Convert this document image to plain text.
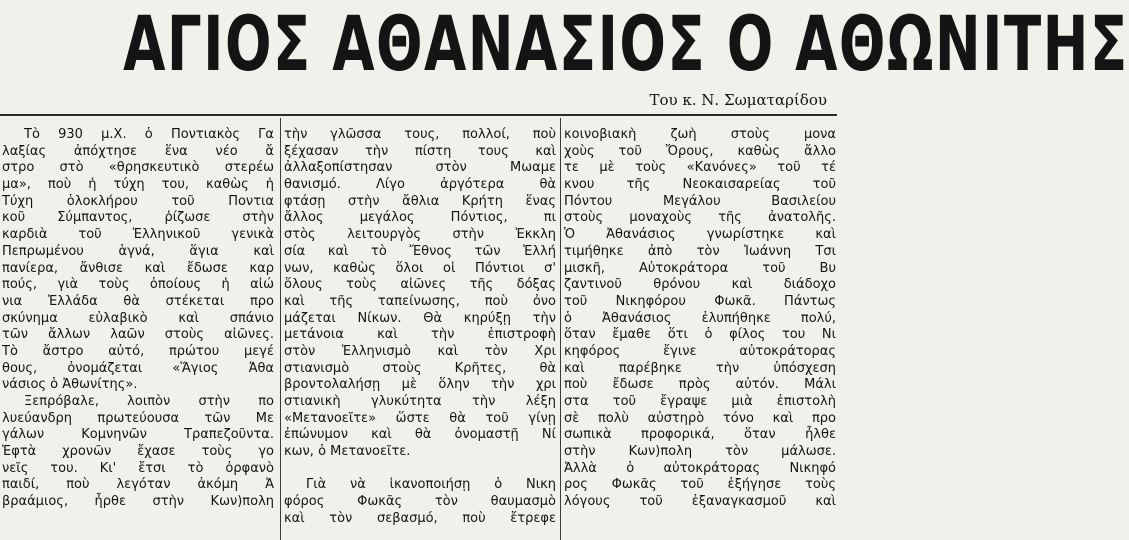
ΑΓΙΟΣ ΑΘΑΝΑΣΙΟΣ Ο ΑΘΩΝΙΤΗΣ
Του κ. Ν. Σωματαρίδου
Τὸ 930 μ.Χ. ὁ Ποντιακὸς Γα
λαξίας ἀπόχτησε ἕνα νέο ἄ
στρο στὸ «θρησκευτικὸ στερέω
μα», ποὺ ἡ τύχη του, καθὼς ἡ
Τύχη ὁλοκλήρου τοῦ Ποντια
κοῦ Σύμπαντος, ῥίζωσε στὴν
καρδιὰ τοῦ Ἑλληνικοῦ γενικὰ
Πεπρωμένου ἁγνά, ἅγια καὶ
πανίερα, ἄνθισε καὶ ἔδωσε καρ
πούς, γιὰ τοὺς ὁποίους ἡ αἰώ
νια Ἑλλάδα θὰ στέκεται προ
σκύνημα εὐλαβικὸ καὶ σπάνιο
τῶν ἄλλων λαῶν στοὺς αἰῶνες.
Τὸ ἄστρο αὐτό, πρώτου μεγέ
θους, ὀνομάζεται «Ἅγιος Ἀθα
νάσιος ὁ Ἀθωνίτης».
Ξεπρόβαλε, λοιπὸν στὴν πο
λυεύανδρη πρωτεύουσα τῶν Με
γάλων Κομνηνῶν Τραπεζοῦντα.
Ἑφτὰ χρονῶν ἔχασε τοὺς γο
νεῖς του. Κι' ἔτσι τὸ ὀρφανὸ
παιδί, ποὺ λεγόταν ἀκόμη Ἀ
βραάμιος, ἦρθε στὴν Κων)πολη
τὴν γλῶσσα τους, πολλοί, ποὺ
ξέχασαν τὴν πίστη τους καὶ
ἀλλαξοπίστησαν στὸν Μωαμε
θανισμό. Λίγο ἀργότερα θὰ
φτάσῃ στὴν ἄθλια Κρήτη ἕνας
ἄλλος μεγάλος Πόντιος, πι
στὸς λειτουργὸς στὴν Ἐκκλη
σία καὶ τὸ Ἔθνος τῶν Ἑλλή
νων, καθὼς ὅλοι οἱ Πόντιοι σ'
ὅλους τοὺς αἰῶνες τῆς δόξας
καὶ τῆς ταπείνωσης, ποὺ ὀνο
μάζεται Νίκων. Θὰ κηρύξῃ τὴν
μετάνοια καὶ τὴν ἐπιστροφὴ
στὸν Ἑλληνισμὸ καὶ τὸν Χρι
στιανισμὸ στοὺς Κρῆτες, θὰ
βροντολαλήσῃ μὲ ὅλην τὴν χρι
στιανικὴ γλυκύτητα τὴν λέξη
«Μετανοεῖτε» ὥστε θὰ τοῦ γίνῃ
ἐπώνυμον καὶ θὰ ὀνομαστῇ Νί
κων, ὁ Μετανοεῖτε.
Γιὰ νὰ ἱκανοποιήσῃ ὁ Νικη
φόρος Φωκᾶς τὸν θαυμασμὸ
καὶ τὸν σεβασμό, ποὺ ἔτρεφε
κοινοβιακὴ ζωὴ στοὺς μονα
χοὺς τοῦ Ὄρους, καθὼς ἄλλο
τε μὲ τοὺς «Κανόνες» τοῦ τέ
κνου τῆς Νεοκαισαρείας τοῦ
Πόντου Μεγάλου Βασιλείου
στοὺς μοναχοὺς τῆς ἀνατολῆς.
Ὁ Ἀθανάσιος γνωρίστηκε καὶ
τιμήθηκε ἀπὸ τὸν Ἰωάννη Τσι
μισκῆ, Αὐτοκράτορα τοῦ Βυ
ζαντινοῦ θρόνου καὶ διάδοχο
τοῦ Νικηφόρου Φωκᾶ. Πάντως
ὁ Ἀθανάσιος ἐλυπήθηκε πολύ,
ὅταν ἔμαθε ὅτι ὁ φίλος του Νι
κηφόρος ἔγινε αὐτοκράτορας
καὶ παρέβηκε τὴν ὑπόσχεση
ποὺ ἔδωσε πρὸς αὐτόν. Μάλι
στα τοῦ ἔγραψε μιὰ ἐπιστολὴ
σὲ πολὺ αὐστηρὸ τόνο καὶ προ
σωπικὰ προφορικά, ὅταν ἦλθε
στὴν Κων)πολη τὸν μάλωσε.
Ἀλλὰ ὁ αὐτοκράτορας Νικηφό
ρος Φωκᾶς τοῦ ἐξήγησε τοὺς
λόγους τοῦ ἐξαναγκασμοῦ καὶ
